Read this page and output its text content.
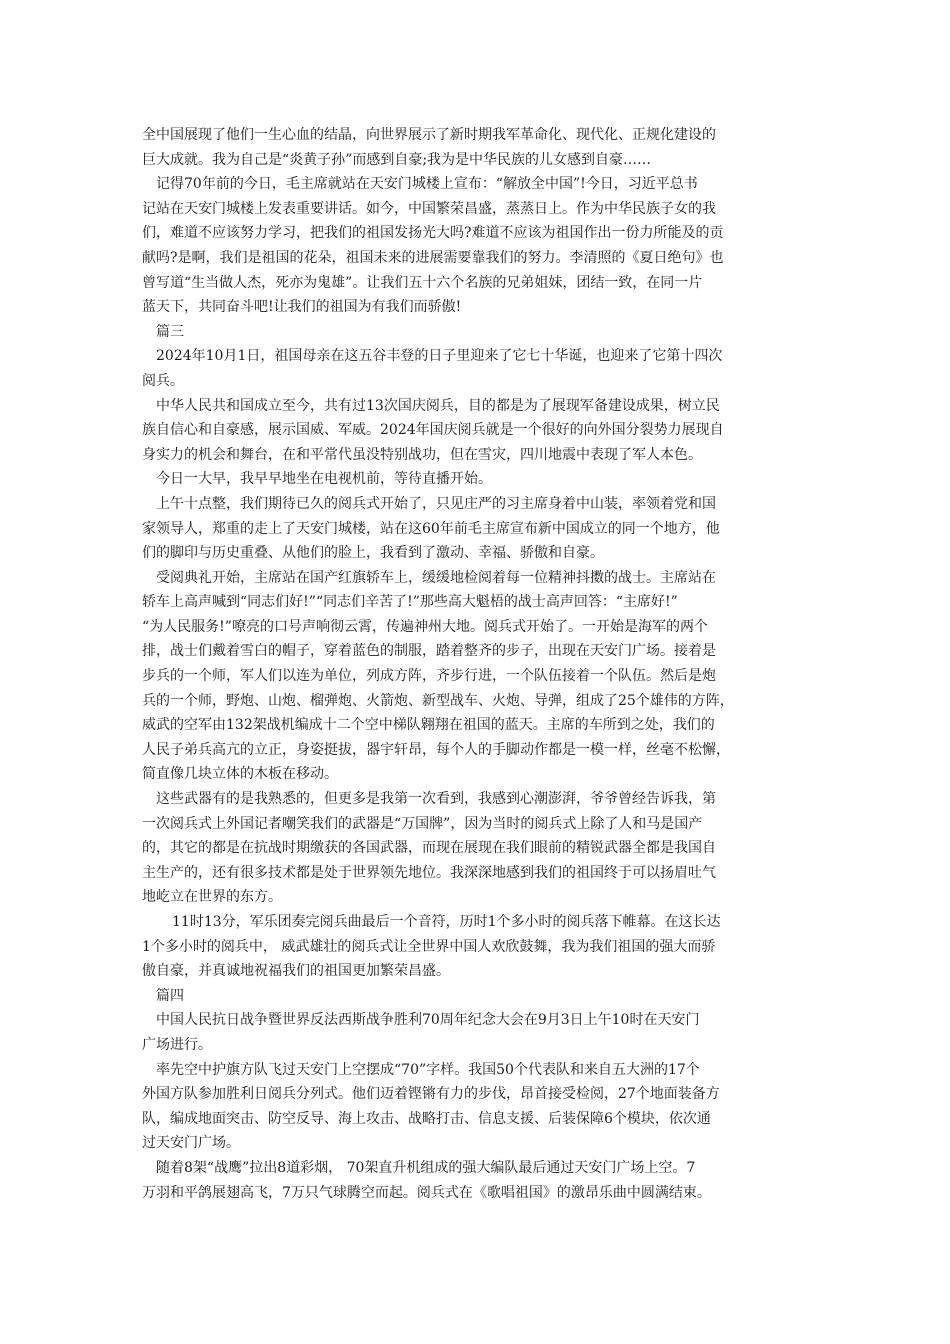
全中国展现了他们一生心血的结晶，向世界展示了新时期我军革命化、现代化、正规化建设的
巨大成就。我为自己是“炎黄子孙”而感到自豪;我为是中华民族的儿女感到自豪……
记得70年前的今日，毛主席就站在天安门城楼上宣布：“解放全中国”!今日，习近平总书
记站在天安门城楼上发表重要讲话。如今，中国繁荣昌盛，蒸蒸日上。作为中华民族子女的我
们，难道不应该努力学习，把我们的祖国发扬光大吗?难道不应该为祖国作出一份力所能及的贡
献吗?是啊，我们是祖国的花朵，祖国未来的进展需要靠我们的努力。李清照的《夏日绝句》也
曾写道“生当做人杰，死亦为鬼雄”。让我们五十六个名族的兄弟姐妹，团结一致，在同一片
蓝天下，共同奋斗吧!让我们的祖国为有我们而骄傲!
篇三
2024年10月1日，祖国母亲在这五谷丰登的日子里迎来了它七十华诞，也迎来了它第十四次
阅兵。
中华人民共和国成立至今，共有过13次国庆阅兵，目的都是为了展现军备建设成果，树立民
族自信心和自豪感，展示国威、军威。2024年国庆阅兵就是一个很好的向外国分裂势力展现自
身实力的机会和舞台，在和平常代虽没特别战功，但在雪灾，四川地震中表现了军人本色。
今日一大早，我早早地坐在电视机前，等待直播开始。
上午十点整，我们期待已久的阅兵式开始了，只见庄严的习主席身着中山装，率领着党和国
家领导人，郑重的走上了天安门城楼，站在这60年前毛主席宣布新中国成立的同一个地方，他
们的脚印与历史重叠、从他们的脸上，我看到了激动、幸福、骄傲和自豪。
受阅典礼开始，主席站在国产红旗轿车上，缓缓地检阅着每一位精神抖擞的战士。主席站在
轿车上高声喊到“同志们好!”“同志们辛苦了!”那些高大魁梧的战士高声回答：“主席好!”
“为人民服务!”嘹亮的口号声响彻云霄，传遍神州大地。阅兵式开始了。一开始是海军的两个
排，战士们戴着雪白的帽子，穿着蓝色的制服，踏着整齐的步子，出现在天安门广场。接着是
步兵的一个师，军人们以连为单位，列成方阵，齐步行进，一个队伍接着一个队伍。然后是炮
兵的一个师，野炮、山炮、榴弹炮、火箭炮、新型战车、火炮、导弹，组成了25个雄伟的方阵，
威武的空军由132架战机编成十二个空中梯队翱翔在祖国的蓝天。主席的车所到之处，我们的
人民子弟兵高亢的立正，身姿挺拔，器宇轩昂，每个人的手脚动作都是一模一样，丝毫不松懈，
简直像几块立体的木板在移动。
这些武器有的是我熟悉的，但更多是我第一次看到，我感到心潮澎湃，爷爷曾经告诉我，第
一次阅兵式上外国记者嘲笑我们的武器是“万国牌”，因为当时的阅兵式上除了人和马是国产
的，其它的都是在抗战时期缴获的各国武器，而现在展现在我们眼前的精锐武器全都是我国自
主生产的，还有很多技术都是处于世界领先地位。我深深地感到我们的祖国终于可以扬眉吐气
地屹立在世界的东方。
11时13分，军乐团奏完阅兵曲最后一个音符，历时1个多小时的阅兵落下帷幕。在这长达
1个多小时的阅兵中， 威武雄壮的阅兵式让全世界中国人欢欣鼓舞，我为我们祖国的强大而骄
傲自豪，并真诚地祝福我们的祖国更加繁荣昌盛。
篇四
中国人民抗日战争暨世界反法西斯战争胜利70周年纪念大会在9月3日上午10时在天安门
广场进行。
率先空中护旗方队飞过天安门上空摆成“70”字样。我国50个代表队和来自五大洲的17个
外国方队参加胜利日阅兵分列式。他们迈着铿锵有力的步伐，昂首接受检阅，27个地面装备方
队，编成地面突击、防空反导、海上攻击、战略打击、信息支援、后装保障6个模块，依次通
过天安门广场。
随着8架“战鹰”拉出8道彩烟， 70架直升机组成的强大编队最后通过天安门广场上空。7
万羽和平鸽展翅高飞，7万只气球腾空而起。阅兵式在《歌唱祖国》的激昂乐曲中圆满结束。
